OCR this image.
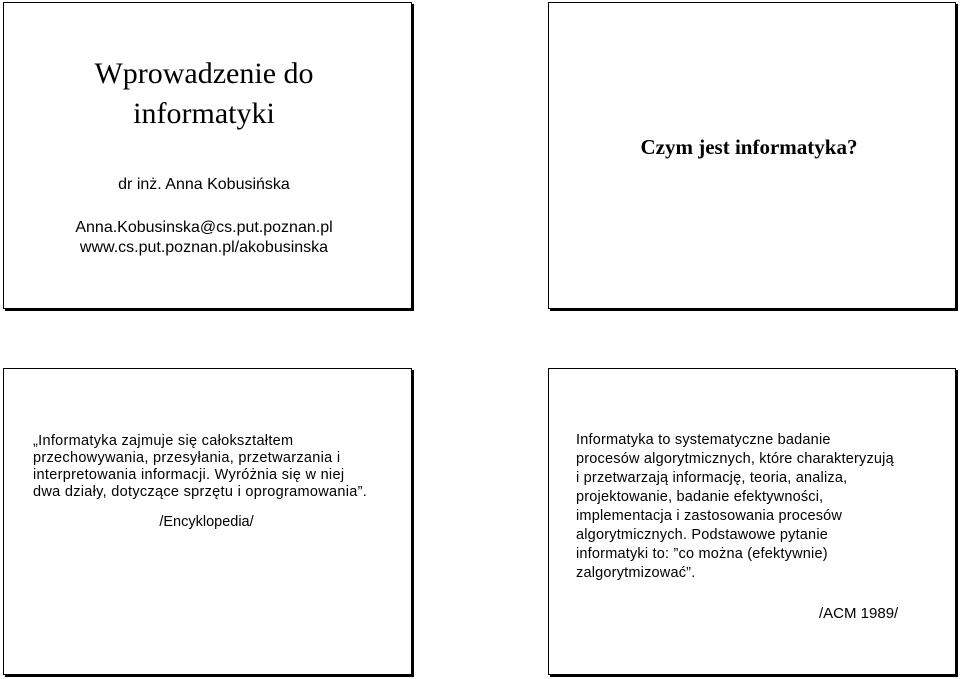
Wprowadzenie do
informatyki
dr inż. Anna Kobusińska
Anna.Kobusinska@cs.put.poznan.pl
www.cs.put.poznan.pl/akobusinska
Czym jest informatyka?
„Informatyka zajmuje się całokształtem
przechowywania, przesyłania, przetwarzania i
interpretowania informacji. Wyróżnia się w niej
dwa działy, dotyczące sprzętu i oprogramowania”.
/Encyklopedia/
Informatyka to systematyczne badanie
procesów algorytmicznych, które charakteryzują
i przetwarzają informację, teoria, analiza,
projektowanie, badanie efektywności,
implementacja i zastosowania procesów
algorytmicznych. Podstawowe pytanie
informatyki to: ”co można (efektywnie)
zalgorytmizować”.
/ACM 1989/
